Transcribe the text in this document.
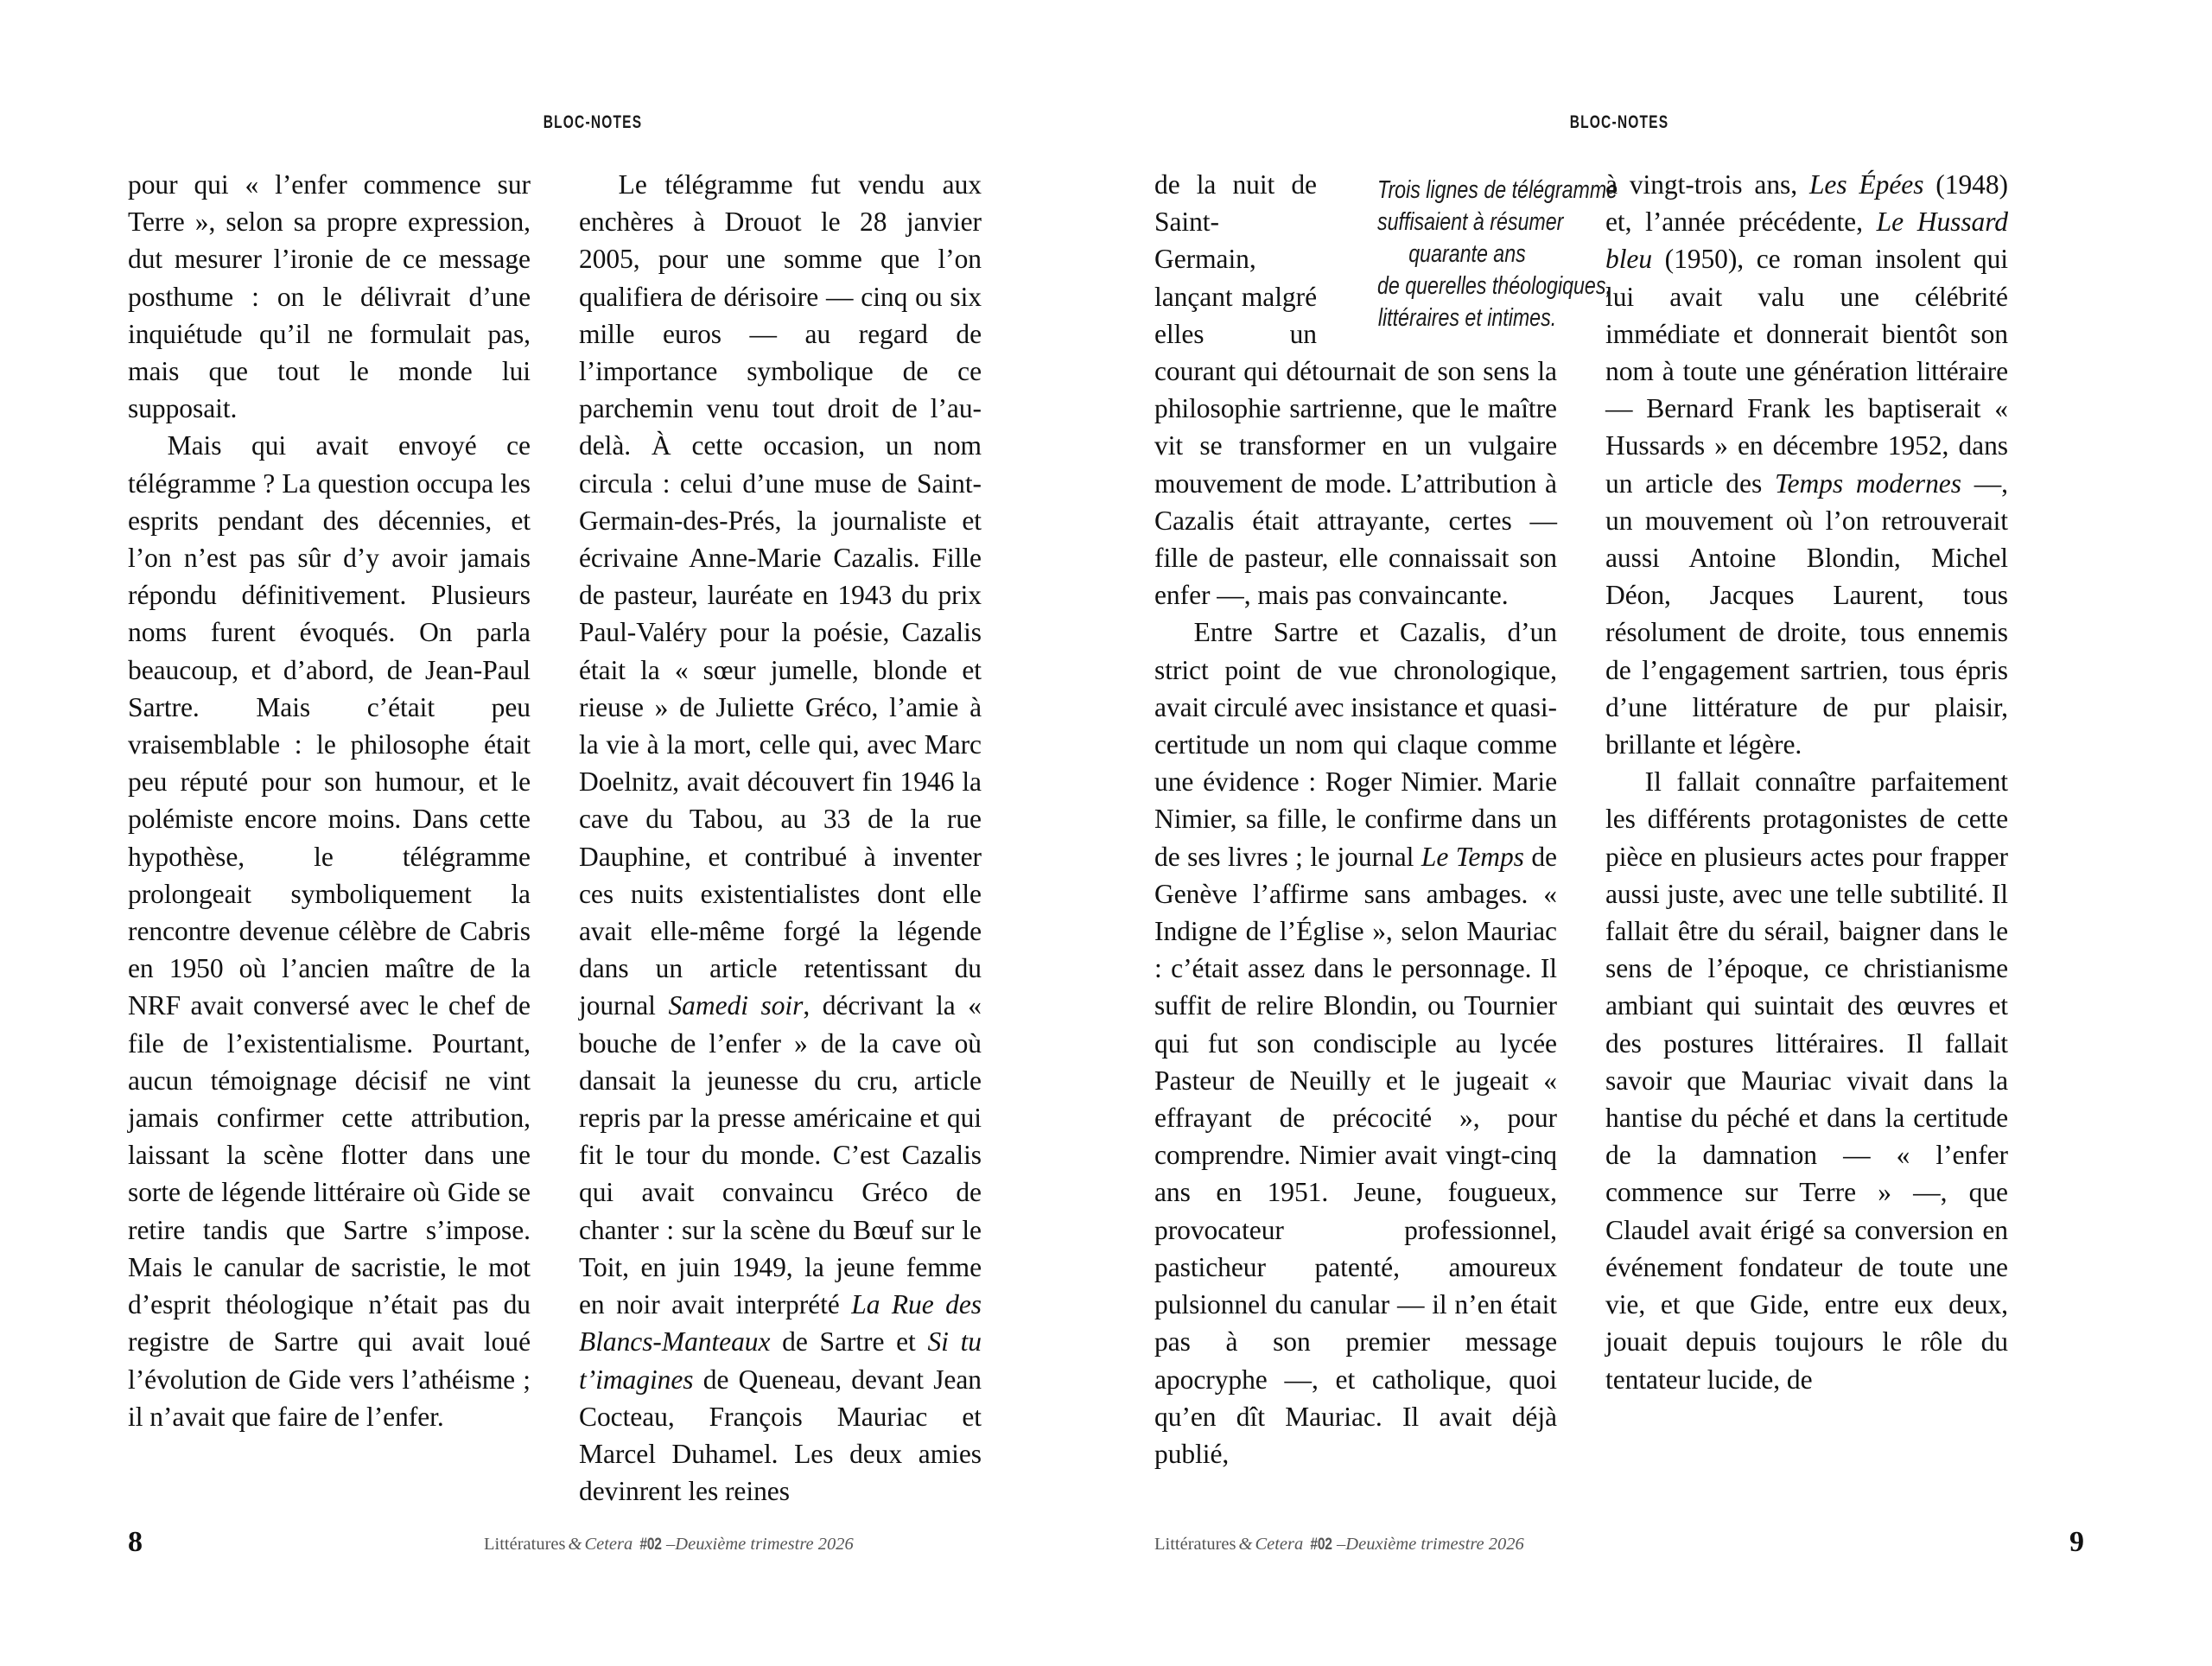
BLOC-NOTES

pour qui « l’enfer commence sur Terre », selon sa propre expression, dut mesurer l’ironie de ce message posthume : on le délivrait d’une inquiétude qu’il ne formulait pas, mais que tout le monde lui supposait.

Mais qui avait envoyé ce télégramme ? La question occupa les esprits pendant des décennies, et l’on n’est pas sûr d’y avoir jamais répondu définitivement. Plusieurs noms furent évoqués. On parla beaucoup, et d’abord, de Jean-Paul Sartre. Mais c’était peu vraisemblable : le philosophe était peu réputé pour son humour, et le polémiste encore moins. Dans cette hypothèse, le télégramme prolongeait symboliquement la rencontre devenue célèbre de Cabris en 1950 où l’ancien maître de la NRF avait conversé avec le chef de file de l’existentialisme. Pourtant, aucun témoignage décisif ne vint jamais confirmer cette attribution, laissant la scène flotter dans une sorte de légende littéraire où Gide se retire tandis que Sartre s’impose. Mais le canular de sacristie, le mot d’esprit théologique n’était pas du registre de Sartre qui avait loué l’évolution de Gide vers l’athéisme ; il n’avait que faire de l’enfer.

Le télégramme fut vendu aux enchères à Drouot le 28 janvier 2005, pour une somme que l’on qualifiera de dérisoire — cinq ou six mille euros — au regard de l’importance symbolique de ce parchemin venu tout droit de l’au-delà. À cette occasion, un nom circula : celui d’une muse de Saint-Germain-des-Prés, la journaliste et écrivaine Anne-Marie Cazalis. Fille de pasteur, lauréate en 1943 du prix Paul-Valéry pour la poésie, Cazalis était la « sœur jumelle, blonde et rieuse » de Juliette Gréco, l’amie à la vie à la mort, celle qui, avec Marc Doelnitz, avait découvert fin 1946 la cave du Tabou, au 33 de la rue Dauphine, et contribué à inventer ces nuits existentialistes dont elle avait elle-même forgé la légende dans un article retentissant du journal Samedi soir, décrivant la « bouche de l’enfer » de la cave où dansait la jeunesse du cru, article repris par la presse américaine et qui fit le tour du monde. C’est Cazalis qui avait convaincu Gréco de chanter : sur la scène du Bœuf sur le Toit, en juin 1949, la jeune femme en noir avait interprété La Rue des Blancs-Manteaux de Sartre et Si tu t’imagines de Queneau, devant Jean Cocteau, François Mauriac et Marcel Duhamel. Les deux amies devinrent les reines

8	Littératures & Cetera #02 –Deuxième trimestre 2026
BLOC-NOTES
Trois lignes de télégramme
suffisaient à résumer
quarante ans
de querelles théologiques,
littéraires et intimes.

de la nuit de Saint-Germain, lançant malgré elles un courant qui détournait de son sens la philosophie sartrienne, que le maître vit se transformer en un vulgaire mouvement de mode. L’attribution à Cazalis était attrayante, certes — fille de pasteur, elle connaissait son enfer —, mais pas convaincante.

Entre Sartre et Cazalis, d’un strict point de vue chronologique, avait circulé avec insistance et quasi-certitude un nom qui claque comme une évidence : Roger Nimier. Marie Nimier, sa fille, le confirme dans un de ses livres ; le journal Le Temps de Genève l’affirme sans ambages. « Indigne de l’Église », selon Mauriac : c’était assez dans le personnage. Il suffit de relire Blondin, ou Tournier qui fut son condisciple au lycée Pasteur de Neuilly et le jugeait « effrayant de précocité », pour comprendre. Nimier avait vingt-cinq ans en 1951. Jeune, fougueux, provocateur professionnel, pasticheur patenté, amoureux pulsionnel du canular — il n’en était pas à son premier message apocryphe —, et catholique, quoi qu’en dît Mauriac. Il avait déjà publié,

à vingt-trois ans, Les Épées (1948) et, l’année précédente, Le Hussard bleu (1950), ce roman insolent qui lui avait valu une célébrité immédiate et donnerait bientôt son nom à toute une génération littéraire — Bernard Frank les baptiserait « Hussards » en décembre 1952, dans un article des Temps modernes —, un mouvement où l’on retrouverait aussi Antoine Blondin, Michel Déon, Jacques Laurent, tous résolument de droite, tous ennemis de l’engagement sartrien, tous épris d’une littérature de pur plaisir, brillante et légère.

Il fallait connaître parfaitement les différents protagonistes de cette pièce en plusieurs actes pour frapper aussi juste, avec une telle subtilité. Il fallait être du sérail, baigner dans le sens de l’époque, ce christianisme ambiant qui suintait des œuvres et des postures littéraires. Il fallait savoir que Mauriac vivait dans la hantise du péché et dans la certitude de la damnation — « l’enfer commence sur Terre » —, que Claudel avait érigé sa conversion en événement fondateur de toute une vie, et que Gide, entre eux deux, jouait depuis toujours le rôle du tentateur lucide, de

9
Littératures & Cetera #02 –Deuxième trimestre 2026
